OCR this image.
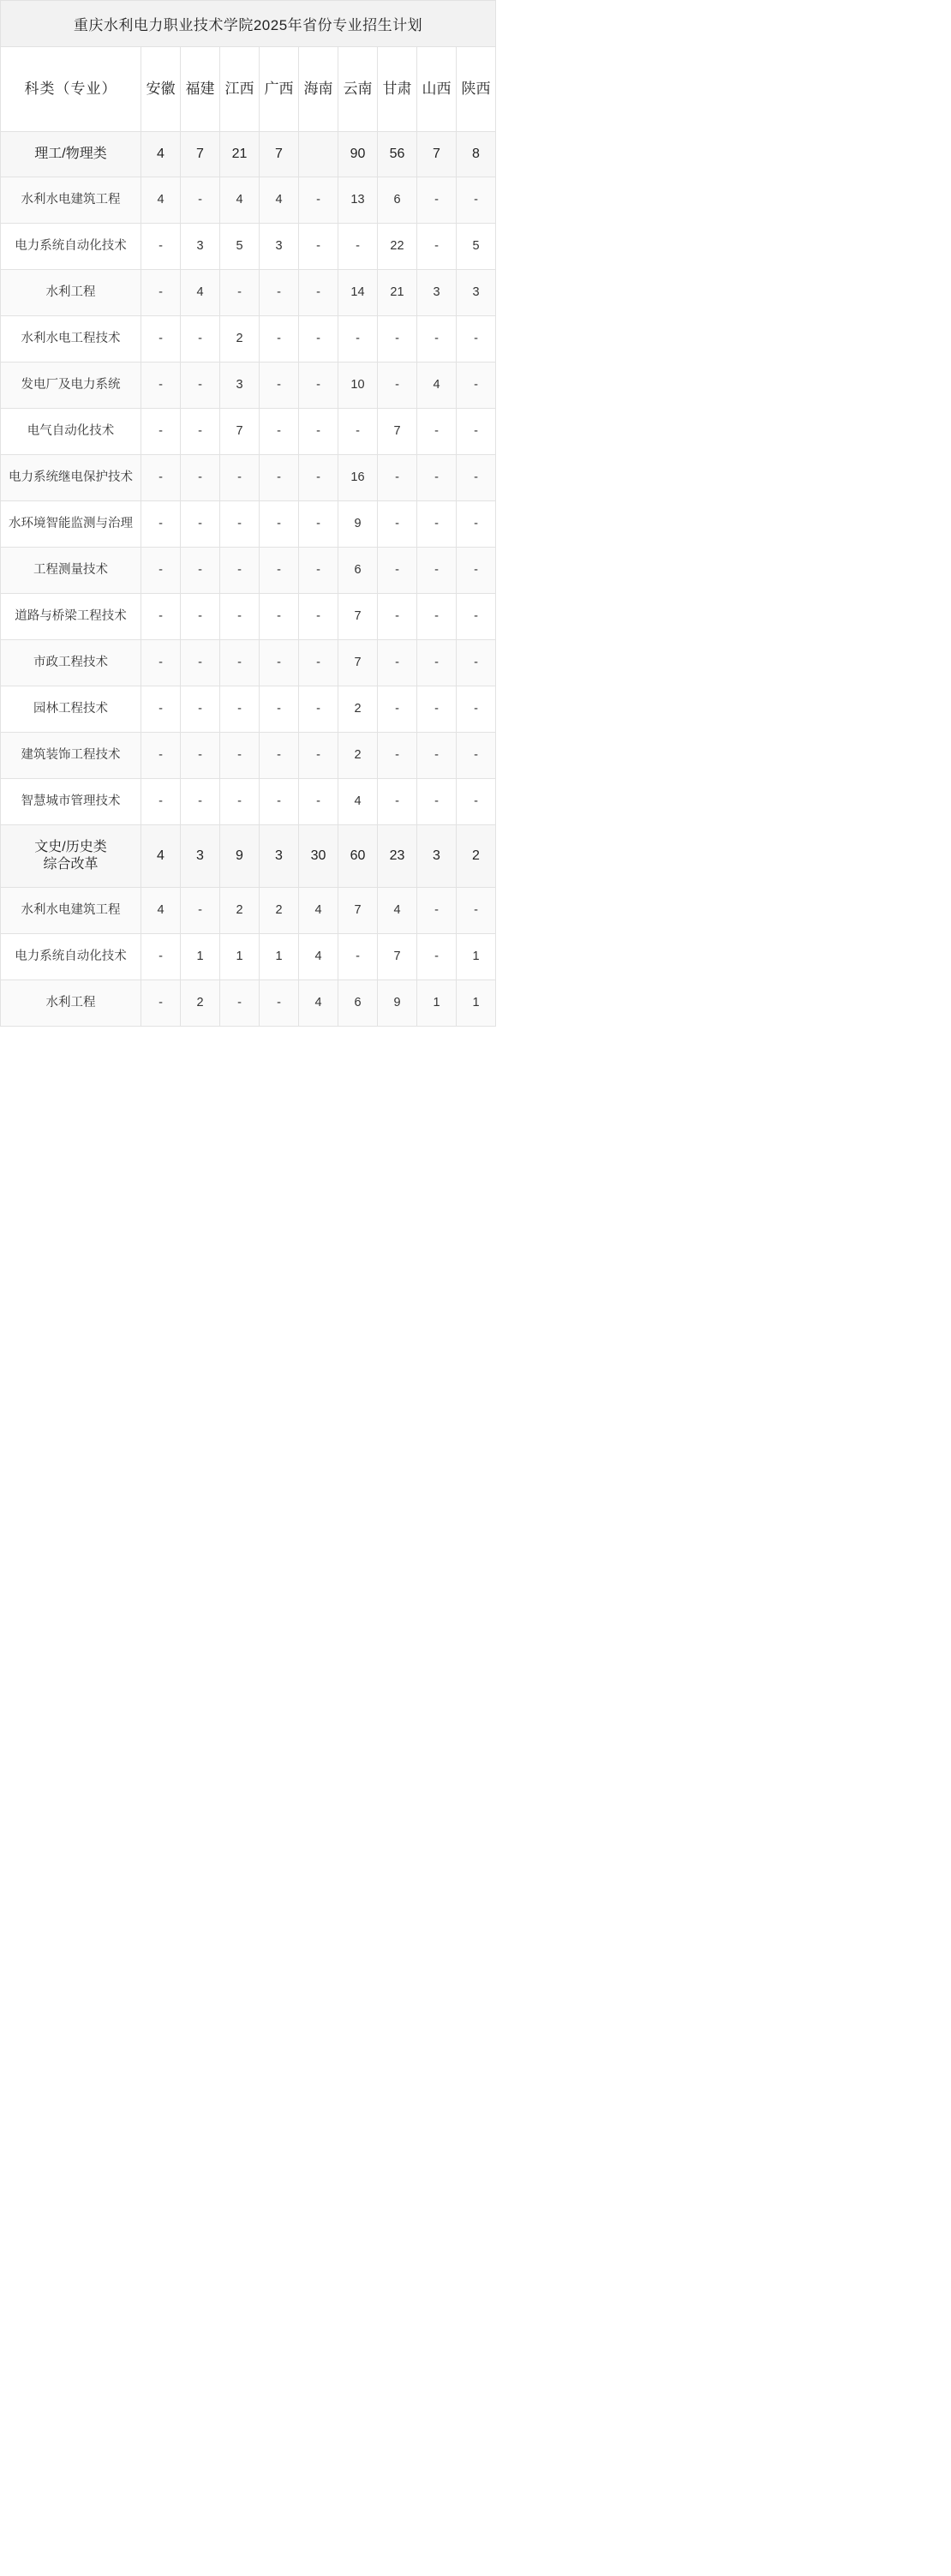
重庆水利电力职业技术学院2025年省份专业招生计划									
科类（专业）	安徽	福建	江西	广西	海南	云南	甘肃	山西	陕西
理工/物理类	4	7	21	7		90	56	7	8
水利水电建筑工程	4	-	4	4	-	13	6	-	-
电力系统自动化技术	-	3	5	3	-	-	22	-	5
水利工程	-	4	-	-	-	14	21	3	3
水利水电工程技术	-	-	2	-	-	-	-	-	-
发电厂及电力系统	-	-	3	-	-	10	-	4	-
电气自动化技术	-	-	7	-	-	-	7	-	-
电力系统继电保护技术	-	-	-	-	-	16	-	-	-
水环境智能监测与治理	-	-	-	-	-	9	-	-	-
工程测量技术	-	-	-	-	-	6	-	-	-
道路与桥梁工程技术	-	-	-	-	-	7	-	-	-
市政工程技术	-	-	-	-	-	7	-	-	-
园林工程技术	-	-	-	-	-	2	-	-	-
建筑装饰工程技术	-	-	-	-	-	2	-	-	-
智慧城市管理技术	-	-	-	-	-	4	-	-	-
文史/历史类
综合改革	4	3	9	3	30	60	23	3	2
水利水电建筑工程	4	-	2	2	4	7	4	-	-
电力系统自动化技术	-	1	1	1	4	-	7	-	1
水利工程	-	2	-	-	4	6	9	1	1
